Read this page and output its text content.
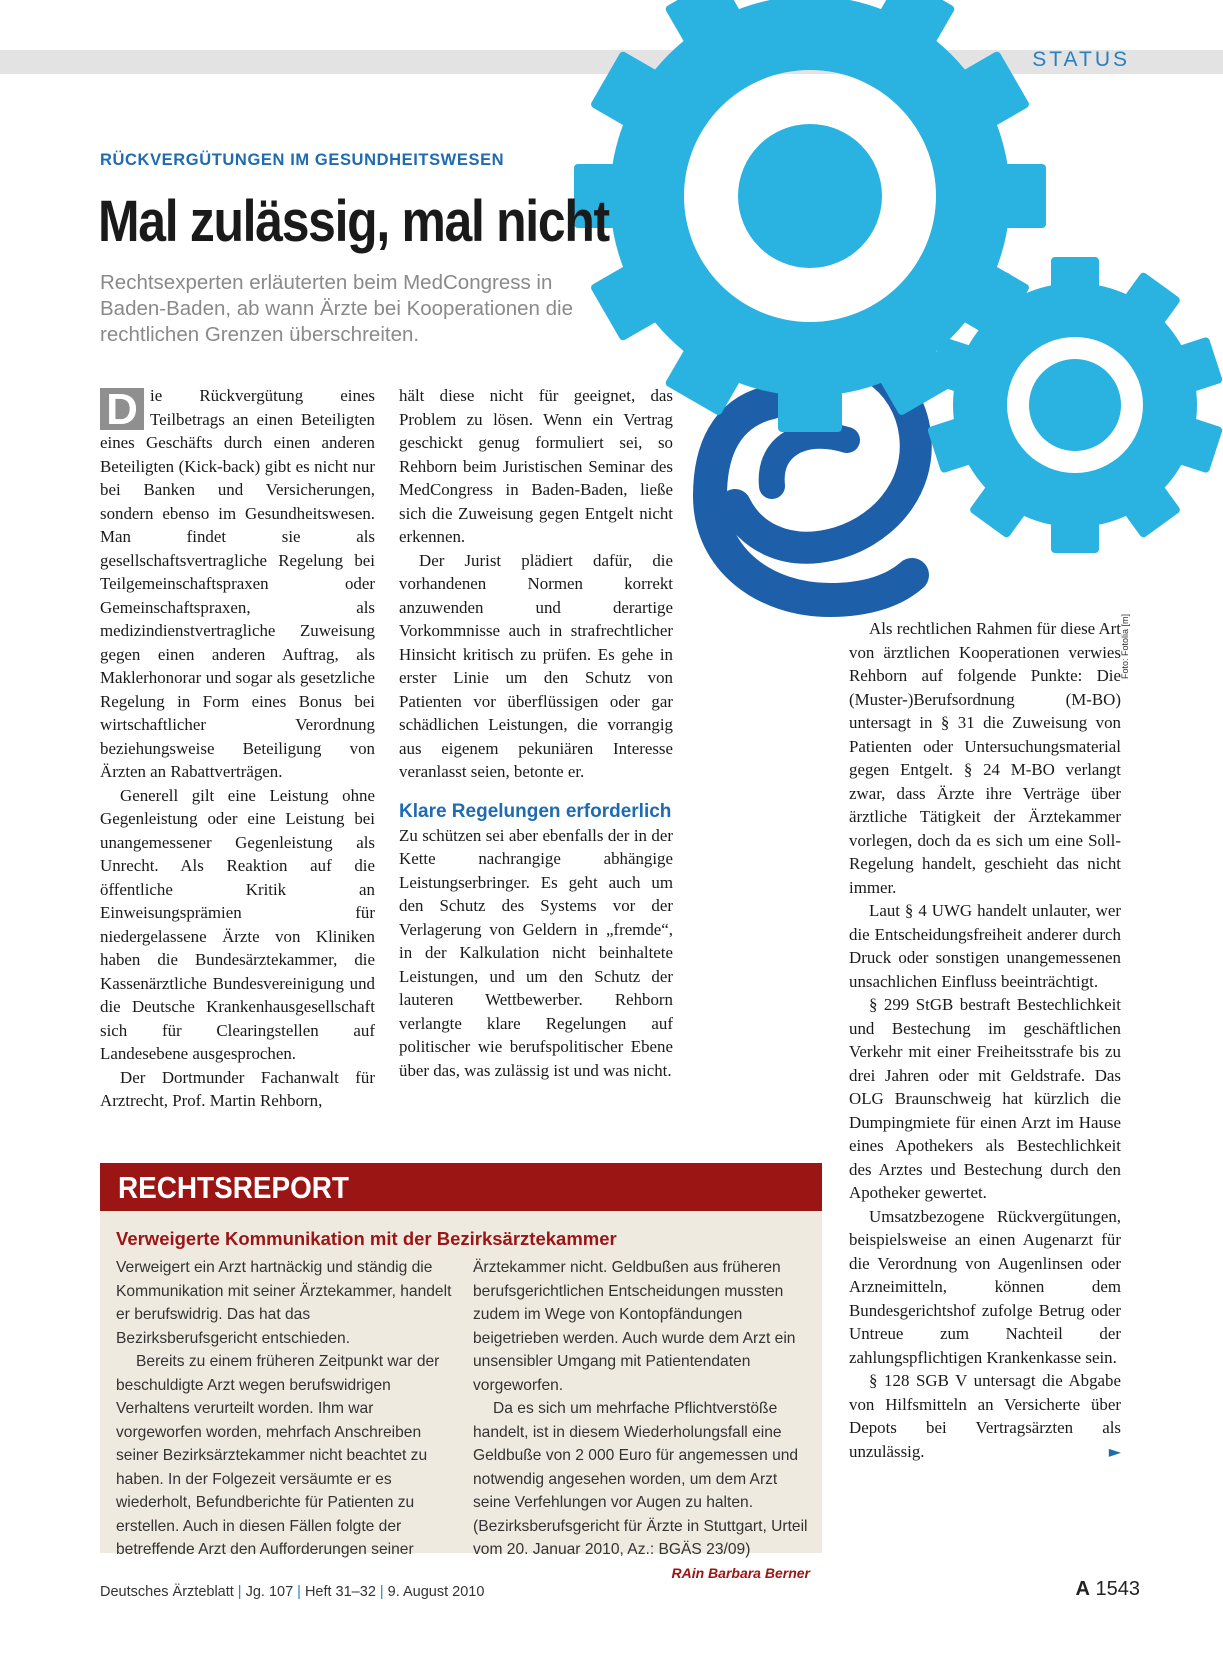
STATUS
RÜCKVERGÜTUNGEN IM GESUNDHEITSWESEN
Mal zulässig, mal nicht
Rechtsexperten erläuterten beim MedCongress in Baden-Baden, ab wann Ärzte bei Kooperationen die rechtlichen Grenzen überschreiten.

D ie Rückvergütung eines Teilbetrags an einen Beteiligten eines Geschäfts durch einen anderen Beteiligten (Kick-back) gibt es nicht nur bei Banken und Versicherungen, sondern ebenso im Gesundheitswesen. Man findet sie als gesellschaftsvertragliche Regelung bei Teilgemeinschaftspraxen oder Gemeinschaftspraxen, als medizindienstvertragliche Zuweisung gegen einen anderen Auftrag, als Maklerhonorar und sogar als gesetzliche Regelung in Form eines Bonus bei wirtschaftlicher Verordnung beziehungsweise Beteiligung von Ärzten an Rabattverträgen.

Generell gilt eine Leistung ohne Gegenleistung oder eine Leistung bei unangemessener Gegenleistung als Unrecht. Als Reaktion auf die öffentliche Kritik an Einweisungsprämien für niedergelassene Ärzte von Kliniken haben die Bundesärztekammer, die Kassenärztliche Bundesvereinigung und die Deutsche Krankenhausgesellschaft sich für Clearingstellen auf Landesebene ausgesprochen.

Der Dortmunder Fachanwalt für Arztrecht, Prof. Martin Rehborn,

hält diese nicht für geeignet, das Problem zu lösen. Wenn ein Vertrag geschickt genug formuliert sei, so Rehborn beim Juristischen Seminar des MedCongress in Baden-Baden, ließe sich die Zuweisung gegen Entgelt nicht erkennen.

Der Jurist plädiert dafür, die vorhandenen Normen korrekt anzuwenden und derartige Vorkommnisse auch in strafrechtlicher Hinsicht kritisch zu prüfen. Es gehe in erster Linie um den Schutz von Patienten vor überflüssigen oder gar schädlichen Leistungen, die vorrangig aus eigenem pekuniären Interesse veranlasst seien, betonte er.

Klare Regelungen erforderlich

Zu schützen sei aber ebenfalls der in der Kette nachrangige abhängige Leistungserbringer. Es geht auch um den Schutz des Systems vor der Verlagerung von Geldern in „fremde“, in der Kalkulation nicht beinhaltete Leistungen, und um den Schutz der lauteren Wettbewerber. Rehborn verlangte klare Regelungen auf politischer wie berufspolitischer Ebene über das, was zulässig ist und was nicht.

Foto: Fotolia [m]

Als rechtlichen Rahmen für diese Art von ärztlichen Kooperationen verwies Rehborn auf folgende Punkte: Die (Muster-)Berufsordnung (M-BO) untersagt in § 31 die Zuweisung von Patienten oder Untersuchungsmaterial gegen Entgelt. § 24 M-BO verlangt zwar, dass Ärzte ihre Verträge über ärztliche Tätigkeit der Ärztekammer vorlegen, doch da es sich um eine Soll-Regelung handelt, geschieht das nicht immer.

Laut § 4 UWG handelt unlauter, wer die Entscheidungsfreiheit anderer durch Druck oder sonstigen unangemessenen unsachlichen Einfluss beeinträchtigt.

§ 299 StGB bestraft Bestechlichkeit und Bestechung im geschäftlichen Verkehr mit einer Freiheitsstrafe bis zu drei Jahren oder mit Geldstrafe. Das OLG Braunschweig hat kürzlich die Dumpingmiete für einen Arzt im Hause eines Apothekers als Bestechlichkeit des Arztes und Bestechung durch den Apotheker gewertet.

Umsatzbezogene Rückvergütungen, beispielsweise an einen Augenarzt für die Verordnung von Augenlinsen oder Arzneimitteln, können dem Bundesgerichtshof zufolge Betrug oder Untreue zum Nachteil der zahlungspflichtigen Krankenkasse sein.

§ 128 SGB V untersagt die Abgabe von Hilfsmitteln an Versicherte über Depots bei Vertragsärzten als unzulässig.	►

RECHTSREPORT
Verweigerte Kommunikation mit der Bezirksärztekammer

Verweigert ein Arzt hartnäckig und ständig die Kommunikation mit seiner Ärztekammer, handelt er berufswidrig. Das hat das Bezirksberufsgericht entschieden.

Bereits zu einem früheren Zeitpunkt war der beschuldigte Arzt wegen berufswidrigen Verhaltens verurteilt worden. Ihm war vorgeworfen worden, mehrfach Anschreiben seiner Bezirksärztekammer nicht beachtet zu haben. In der Folgezeit versäumte er es wiederholt, Befundberichte für Patienten zu erstellen. Auch in diesen Fällen folgte der betreffende Arzt den Aufforderungen seiner

Ärztekammer nicht. Geldbußen aus früheren berufsgerichtlichen Entscheidungen mussten zudem im Wege von Kontopfändungen beigetrieben werden. Auch wurde dem Arzt ein unsensibler Umgang mit Patientendaten vorgeworfen.

Da es sich um mehrfache Pflichtverstöße handelt, ist in diesem Wiederholungsfall eine Geldbuße von 2 000 Euro für angemessen und notwendig angesehen worden, um dem Arzt seine Verfehlungen vor Augen zu halten. (Bezirksberufsgericht für Ärzte in Stuttgart, Urteil vom 20. Januar 2010, Az.: BGÄS 23/09)
RAin Barbara Berner

Deutsches Ärzteblatt | Jg. 107 | Heft 31–32 | 9. August 2010	A 1543
